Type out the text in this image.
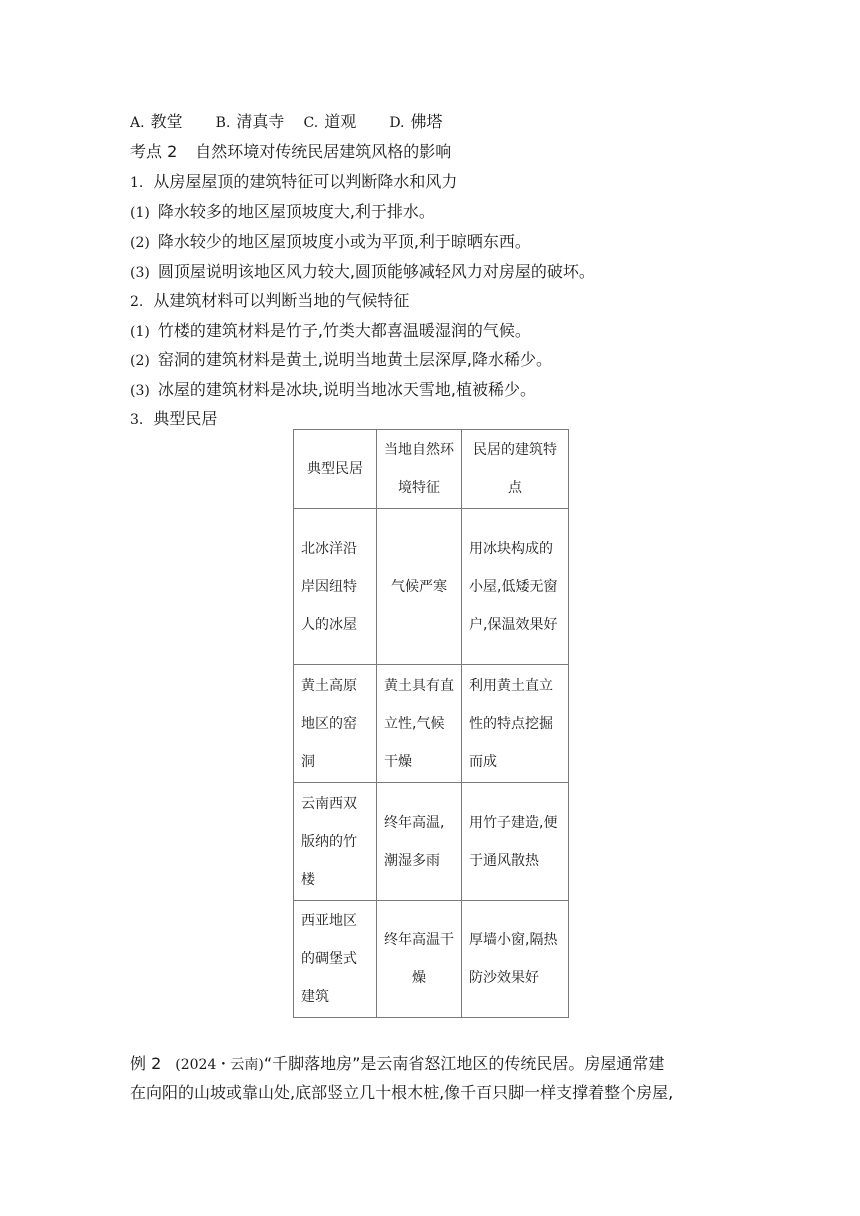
A. 教堂 B. 清真寺 C. 道观 D. 佛塔
考点 2 自然环境对传统民居建筑风格的影响
1. 从房屋屋顶的建筑特征可以判断降水和风力
(1) 降水较多的地区屋顶坡度大,利于排水。
(2) 降水较少的地区屋顶坡度小或为平顶,利于晾晒东西。
(3) 圆顶屋说明该地区风力较大,圆顶能够减轻风力对房屋的破坏。
2. 从建筑材料可以判断当地的气候特征
(1) 竹楼的建筑材料是竹子,竹类大都喜温暖湿润的气候。
(2) 窑洞的建筑材料是黄土,说明当地黄土层深厚,降水稀少。
(3) 冰屋的建筑材料是冰块,说明当地冰天雪地,植被稀少。
3. 典型民居
典型民居	当地自然环境特征	民居的建筑特点
北冰洋沿岸因纽特人的冰屋	气候严寒	用冰块构成的小屋,低矮无窗户,保温效果好
黄土高原地区的窑洞	黄土具有直立性,气候干燥	利用黄土直立性的特点挖掘而成
云南西双版纳的竹楼	终年高温,潮湿多雨	用竹子建造,便于通风散热
西亚地区的碉堡式建筑	终年高温干燥	厚墙小窗,隔热防沙效果好
例 2 (2024・云南)“千脚落地房”是云南省怒江地区的传统民居。房屋通常建
在向阳的山坡或靠山处,底部竖立几十根木桩,像千百只脚一样支撑着整个房屋,
